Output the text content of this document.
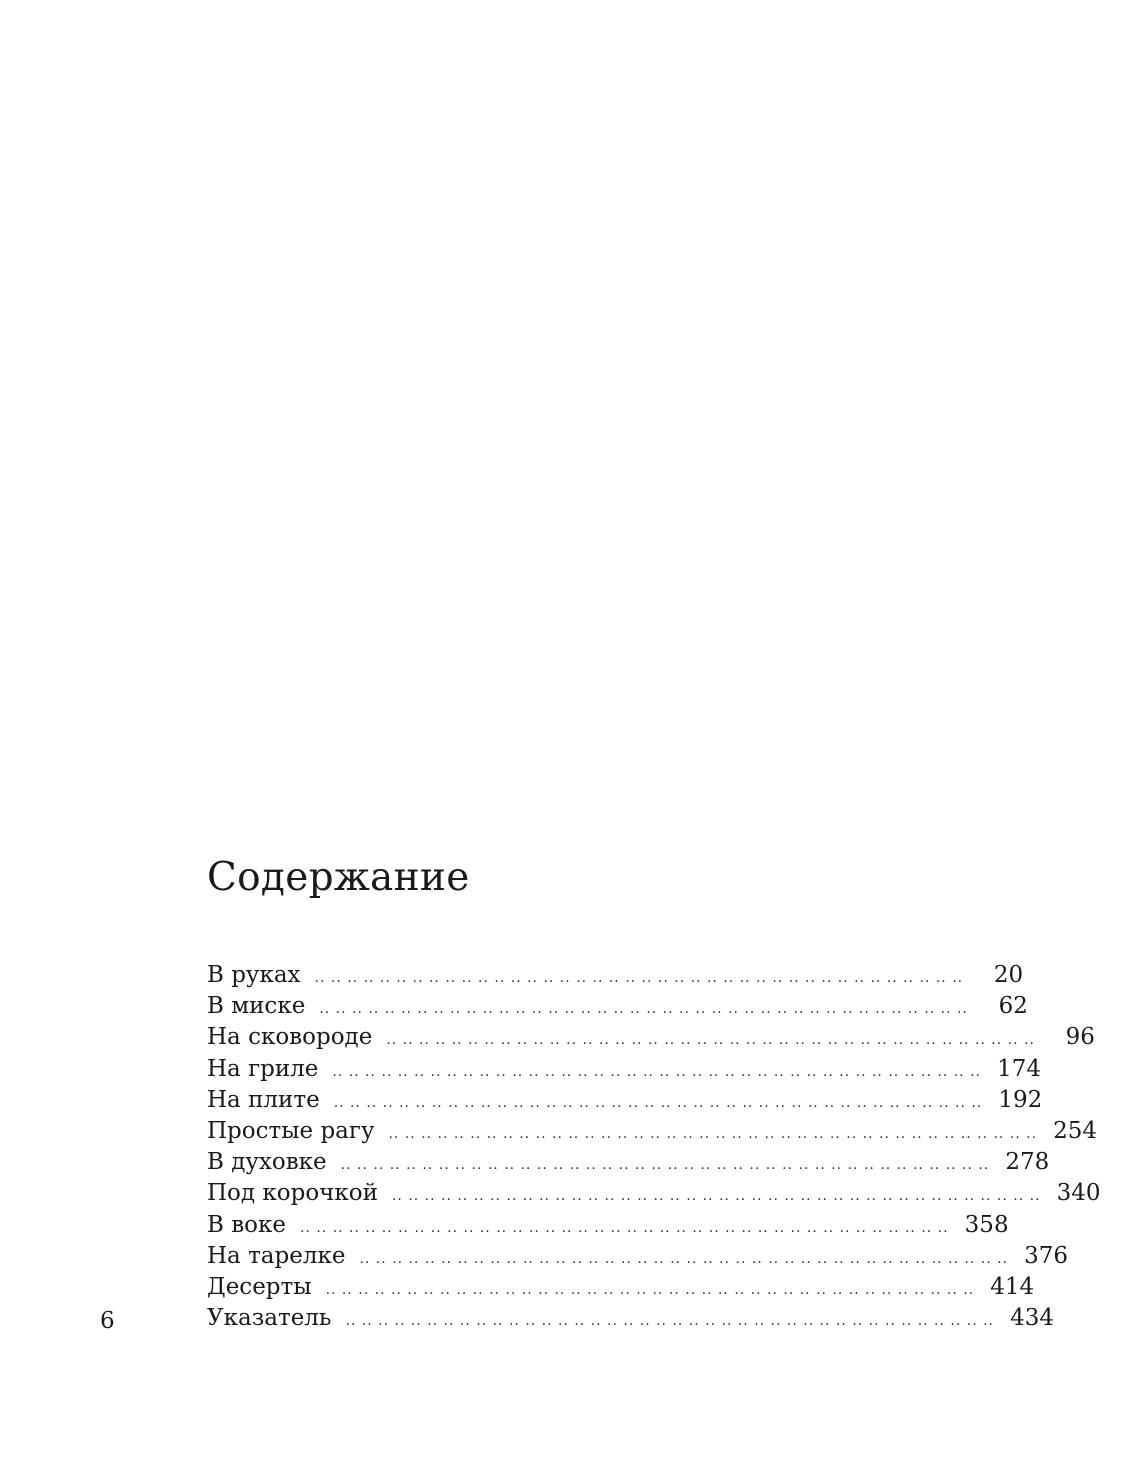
Содержание
В руках	.. .. .. .. .. .. .. .. .. .. .. .. .. .. .. .. .. .. .. .. .. .. .. .. .. .. .. .. .. .. .. .. .. .. .. .. .. .. .. ..	20
В миске	.. .. .. .. .. .. .. .. .. .. .. .. .. .. .. .. .. .. .. .. .. .. .. .. .. .. .. .. .. .. .. .. .. .. .. .. .. .. .. ..	62
На сковороде	.. .. .. .. .. .. .. .. .. .. .. .. .. .. .. .. .. .. .. .. .. .. .. .. .. .. .. .. .. .. .. .. .. .. .. .. .. .. .. ..	96
На гриле	.. .. .. .. .. .. .. .. .. .. .. .. .. .. .. .. .. .. .. .. .. .. .. .. .. .. .. .. .. .. .. .. .. .. .. .. .. .. .. .. 174
На плите	.. .. .. .. .. .. .. .. .. .. .. .. .. .. .. .. .. .. .. .. .. .. .. .. .. .. .. .. .. .. .. .. .. .. .. .. .. .. .. .. 192
Простые рагу	.. .. .. .. .. .. .. .. .. .. .. .. .. .. .. .. .. .. .. .. .. .. .. .. .. .. .. .. .. .. .. .. .. .. .. .. .. .. .. .. 254
В духовке	.. .. .. .. .. .. .. .. .. .. .. .. .. .. .. .. .. .. .. .. .. .. .. .. .. .. .. .. .. .. .. .. .. .. .. .. .. .. .. .. 278
Под корочкой	.. .. .. .. .. .. .. .. .. .. .. .. .. .. .. .. .. .. .. .. .. .. .. .. .. .. .. .. .. .. .. .. .. .. .. .. .. .. .. .. 340
В воке	.. .. .. .. .. .. .. .. .. .. .. .. .. .. .. .. .. .. .. .. .. .. .. .. .. .. .. .. .. .. .. .. .. .. .. .. .. .. .. .. 358
На тарелке	.. .. .. .. .. .. .. .. .. .. .. .. .. .. .. .. .. .. .. .. .. .. .. .. .. .. .. .. .. .. .. .. .. .. .. .. .. .. .. .. 376
Десерты	.. .. .. .. .. .. .. .. .. .. .. .. .. .. .. .. .. .. .. .. .. .. .. .. .. .. .. .. .. .. .. .. .. .. .. .. .. .. .. .. 414
Указатель	.. .. .. .. .. .. .. .. .. .. .. .. .. .. .. .. .. .. .. .. .. .. .. .. .. .. .. .. .. .. .. .. .. .. .. .. .. .. .. .. 434
6
